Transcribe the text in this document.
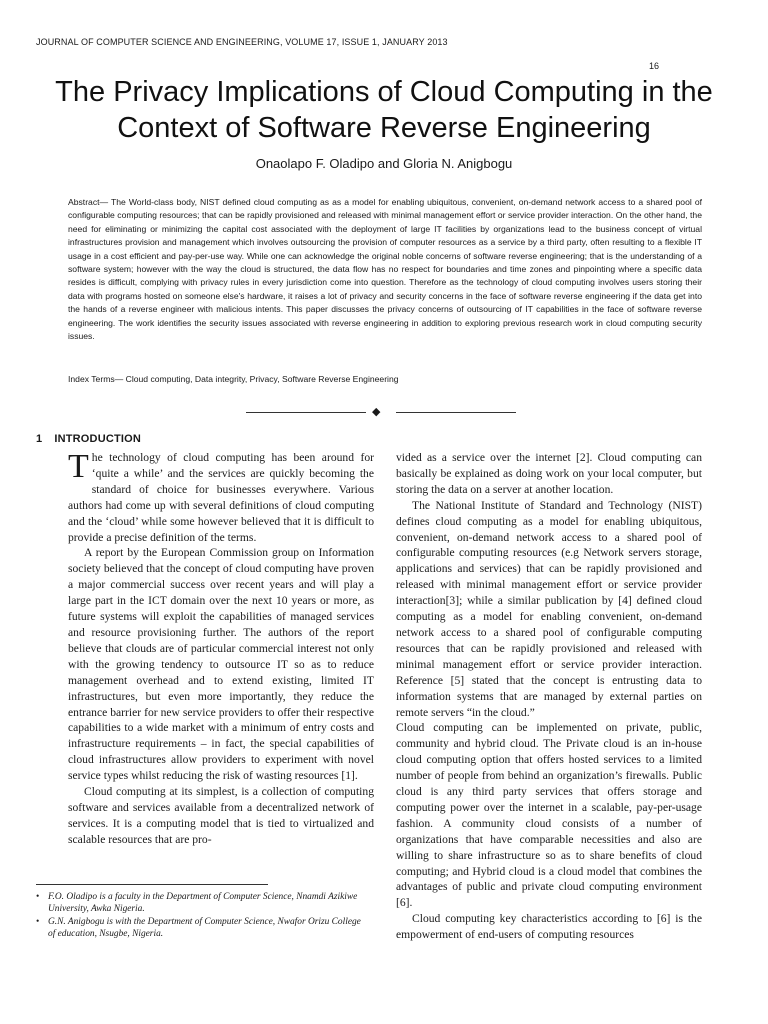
JOURNAL OF COMPUTER SCIENCE AND ENGINEERING, VOLUME 17, ISSUE 1, JANUARY 2013
16
The Privacy Implications of Cloud Computing in the Context of Software Reverse Engineering
Onaolapo F. Oladipo and Gloria N. Anigbogu

Abstract— The World-class body, NIST defined cloud computing as as a model for enabling ubiquitous, convenient, on-demand network access to a shared pool of configurable computing resources; that can be rapidly provisioned and released with minimal management effort or service provider interaction. On the other hand, the need for eliminating or minimizing the capital cost associated with the deployment of large IT facilities by organizations lead to the business concept of virtual infrastructures provision and management which involves outsourcing the provision of computer resources as a service by a third party, often resulting to a flexible IT usage in a cost efficient and pay-per-use way. While one can acknowledge the original noble concerns of software reverse engineering; that is the understanding of a software system; however with the way the cloud is structured, the data flow has no respect for boundaries and time zones and pinpointing where a specific data resides is difficult, complying with privacy rules in every jurisdiction come into question. Therefore as the technology of cloud computing involves users storing their data with programs hosted on someone else's hardware, it raises a lot of privacy and security concerns in the face of software reverse engineering if the data get into the hands of a reverse engineer with malicious intents. This paper discusses the privacy concerns of outsourcing of IT capabilities in the face of software reverse engineering. The work identifies the security issues associated with reverse engineering in addition to exploring previous research work in cloud computing security issues.

Index Terms— Cloud computing, Data integrity, Privacy, Software Reverse Engineering
◆
1 INTRODUCTION

The technology of cloud computing has been around for ‘quite a while’ and the services are quickly becoming the standard of choice for businesses everywhere. Various authors had come up with several definitions of cloud computing and the ‘cloud’ while some however believed that it is difficult to provide a precise definition of the terms.

A report by the European Commission group on Information society believed that the concept of cloud computing have proven a major commercial success over recent years and will play a large part in the ICT domain over the next 10 years or more, as future systems will exploit the capabilities of managed services and resource provisioning further. The authors of the report believe that clouds are of particular commercial interest not only with the growing tendency to outsource IT so as to reduce management overhead and to extend existing, limited IT infrastructures, but even more importantly, they reduce the entrance barrier for new service providers to offer their respective capabilities to a wide market with a minimum of entry costs and infrastructure requirements – in fact, the special capabilities of cloud infrastructures allow providers to experiment with novel service types whilst reducing the risk of wasting resources [1].

Cloud computing at its simplest, is a collection of computing software and services available from a decentralized network of services. It is a computing model that is tied to virtualized and scalable resources that are pro-

vided as a service over the internet [2]. Cloud computing can basically be explained as doing work on your local computer, but storing the data on a server at another location.

The National Institute of Standard and Technology (NIST) defines cloud computing as a model for enabling ubiquitous, convenient, on-demand network access to a shared pool of configurable computing resources (e.g Network servers storage, applications and services) that can be rapidly provisioned and released with minimal management effort or service provider interaction[3]; while a similar publication by [4] defined cloud computing as a model for enabling convenient, on-demand network access to a shared pool of configurable computing resources that can be rapidly provisioned and released with minimal management effort or service provider interaction. Reference [5] stated that the concept is entrusting data to information systems that are managed by external parties on remote servers “in the cloud.”

Cloud computing can be implemented on private, public, community and hybrid cloud. The Private cloud is an in-house cloud computing option that offers hosted services to a limited number of people from behind an organization’s firewalls. Public cloud is any third party services that offers storage and computing power over the internet in a scalable, pay-per-usage fashion. A community cloud consists of a number of organizations that have comparable necessities and also are willing to share infrastructure so as to share benefits of cloud computing; and Hybrid cloud is a cloud model that combines the advantages of public and private cloud computing environment [6].

Cloud computing key characteristics according to [6] is the empowerment of end-users of computing resources

• F.O. Oladipo is a faculty in the Department of Computer Science, Nnamdi Azikiwe University, Awka Nigeria.
• G.N. Anigbogu is with the Department of Computer Science, Nwafor Orizu College of education, Nsugbe, Nigeria.
